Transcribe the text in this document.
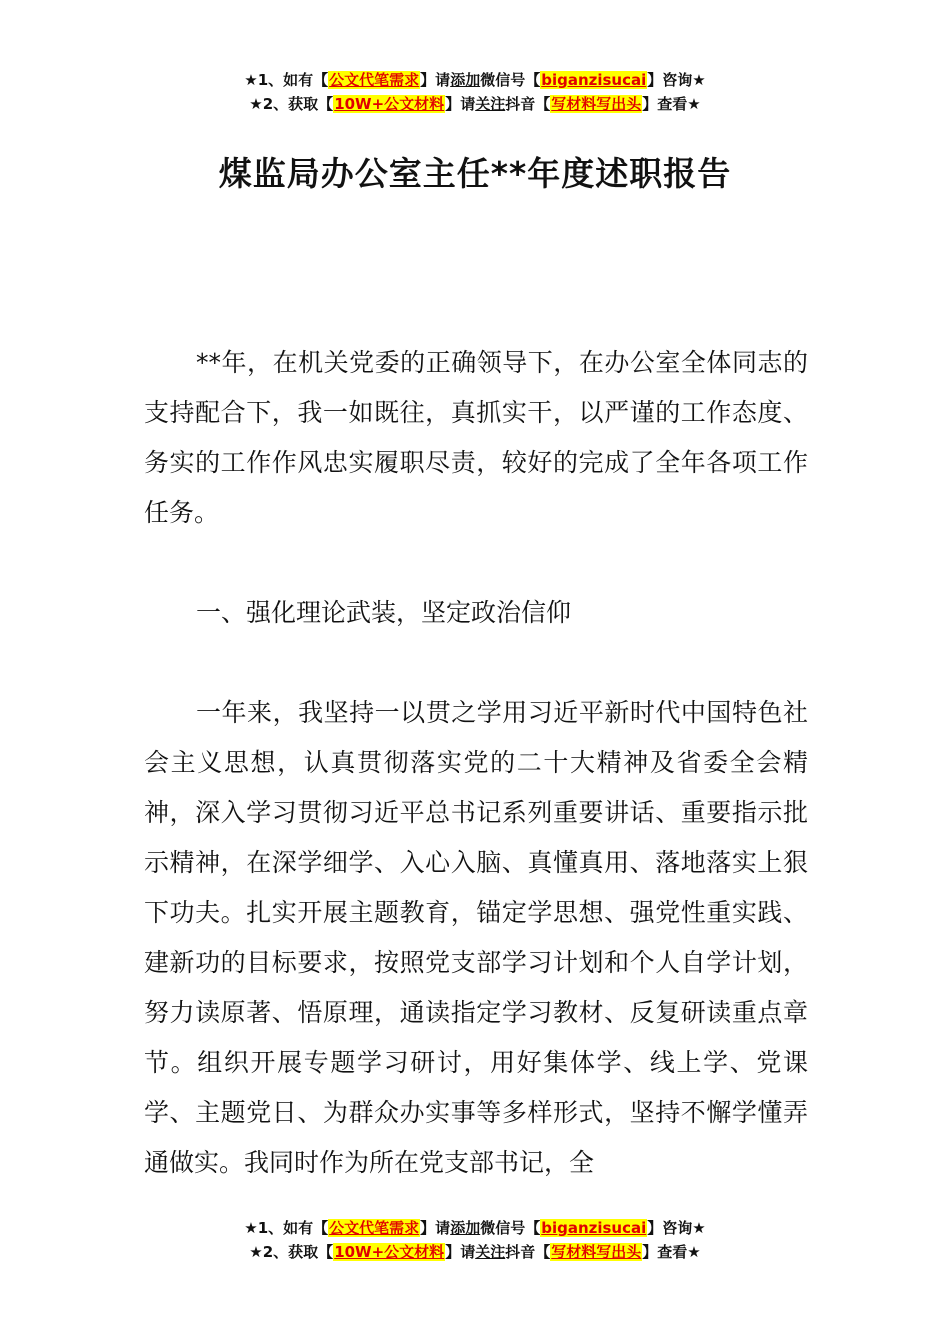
★1、如有【公文代笔需求】请添加微信号【biganzisucai】咨询★
★2、获取【10W+公文材料】请关注抖音【写材料写出头】查看★
煤监局办公室主任**年度述职报告

**年，在机关党委的正确领导下，在办公室全体同志的支持配合下，我一如既往，真抓实干，以严谨的工作态度、务实的工作作风忠实履职尽责，较好的完成了全年各项工作任务。

一、强化理论武装，坚定政治信仰

一年来，我坚持一以贯之学用习近平新时代中国特色社会主义思想，认真贯彻落实党的二十大精神及省委全会精神，深入学习贯彻习近平总书记系列重要讲话、重要指示批示精神，在深学细学、入心入脑、真懂真用、落地落实上狠下功夫。扎实开展主题教育，锚定学思想、强党性重实践、建新功的目标要求，按照党支部学习计划和个人自学计划，努力读原著、悟原理，通读指定学习教材、反复研读重点章节。组织开展专题学习研讨，用好集体学、线上学、党课学、主题党日、为群众办实事等多样形式，坚持不懈学懂弄通做实。我同时作为所在党支部书记，全

★1、如有【公文代笔需求】请添加微信号【biganzisucai】咨询★
★2、获取【10W+公文材料】请关注抖音【写材料写出头】查看★
